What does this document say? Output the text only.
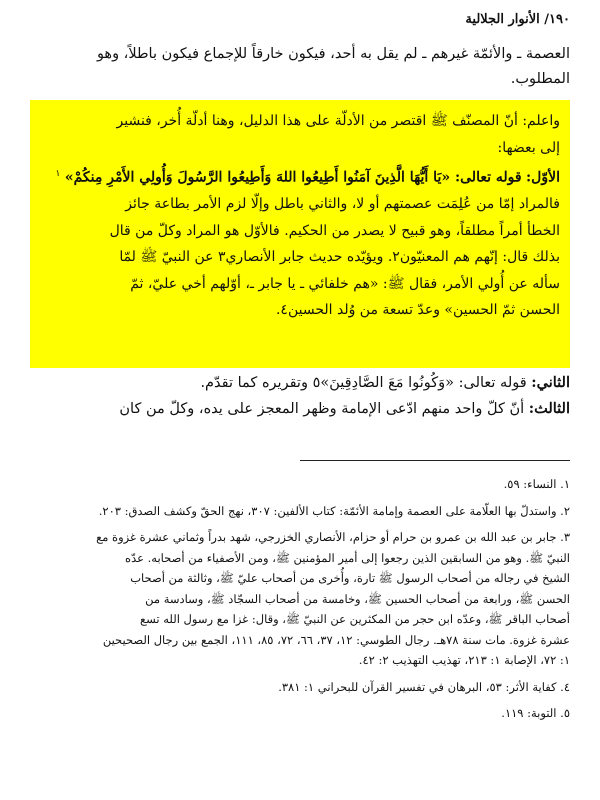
١٩٠/ الأنوار الجلالية

العصمة ـ والأئمّة غيرهم ـ لم يقل به أحد، فيكون خارقاً للإجماع فيكون باطلاً، وهو

المطلوب.

واعلم: أنّ المصنّف ﷺ اقتصر من الأدلّة على هذا الدليل، وهنا أدلّة أُخر، فنشير

إلى بعضها:

الأوّل: قوله تعالى: «يَا أَيُّهَا الَّذِينَ آمَنُوا أَطِيعُوا اللهَ وَأَطِيعُوا الرَّسُولَ وَأُولِي الأَمْرِ مِنكُمْ» $^١$

فالمراد إمّا من عُلِمَت عصمتهم أو لا، والثاني باطل وإلّا لزم الأمر بطاعة جائز

الخطأ أمراً مطلقاً، وهو قبيح لا يصدر من الحكيم. فالأوّل هو المراد وكلّ من قال

بذلك قال: إنّهم هم المعنيّون٢. ويؤيّده حديث جابر الأنصاري٣ عن النبيّ ﷺ لمّا

سأله عن أُولي الأمر، فقال ﷺ: «هم خلفائي ـ يا جابر ـ، أوّلهم أخي عليّ، ثمّ

الحسن ثمّ الحسين» وعدّ تسعة من وُلد الحسين٤.

الثاني: قوله تعالى: «وَكُونُوا مَعَ الصَّادِقِينَ»٥ وتقريره كما تقدّم.

الثالث: أنّ كلّ واحد منهم ادّعى الإمامة وظهر المعجز على يده، وكلّ من كان

١. النساء: ٥٩.

٢. واستدلّ بها العلّامة على العصمة وإمامة الأئمّة: كتاب الألفين: ٣٠٧، نهج الحقّ وكشف الصدق: ٢٠٣.

٣. جابر بن عبد الله بن عمرو بن حرام أو حزام، الأنصاري الخزرجي، شهد بدراً وثماني عشرة غزوة مع

النبيّ ﷺ. وهو من السابقين الذين رجعوا إلى أمير المؤمنين ﷺ، ومن الأصفياء من أصحابه. عدّه

الشيخ في رجاله من أصحاب الرسول ﷺ تارة، وأُخرى من أصحاب عليّ ﷺ، وثالثة من أصحاب

الحسن ﷺ، ورابعة من أصحاب الحسين ﷺ، وخامسة من أصحاب السجّاد ﷺ، وسادسة من

أصحاب الباقر ﷺ، وعدّه ابن حجر من المكثرين عن النبيّ ﷺ، وقال: غزا مع رسول الله تسع

عشرة غزوة. مات سنة ٧٨هـ. رجال الطوسي: ١٢، ٣٧، ٦٦، ٧٢، ٨٥، ١١١، الجمع بين رجال الصحيحين

١: ٧٢، الإصابة ١: ٢١٣، تهذيب التهذيب ٢: ٤٢.

٤. كفاية الأثر: ٥٣، البرهان في تفسير القرآن للبحراني ١: ٣٨١.

٥. التوبة: ١١٩.
